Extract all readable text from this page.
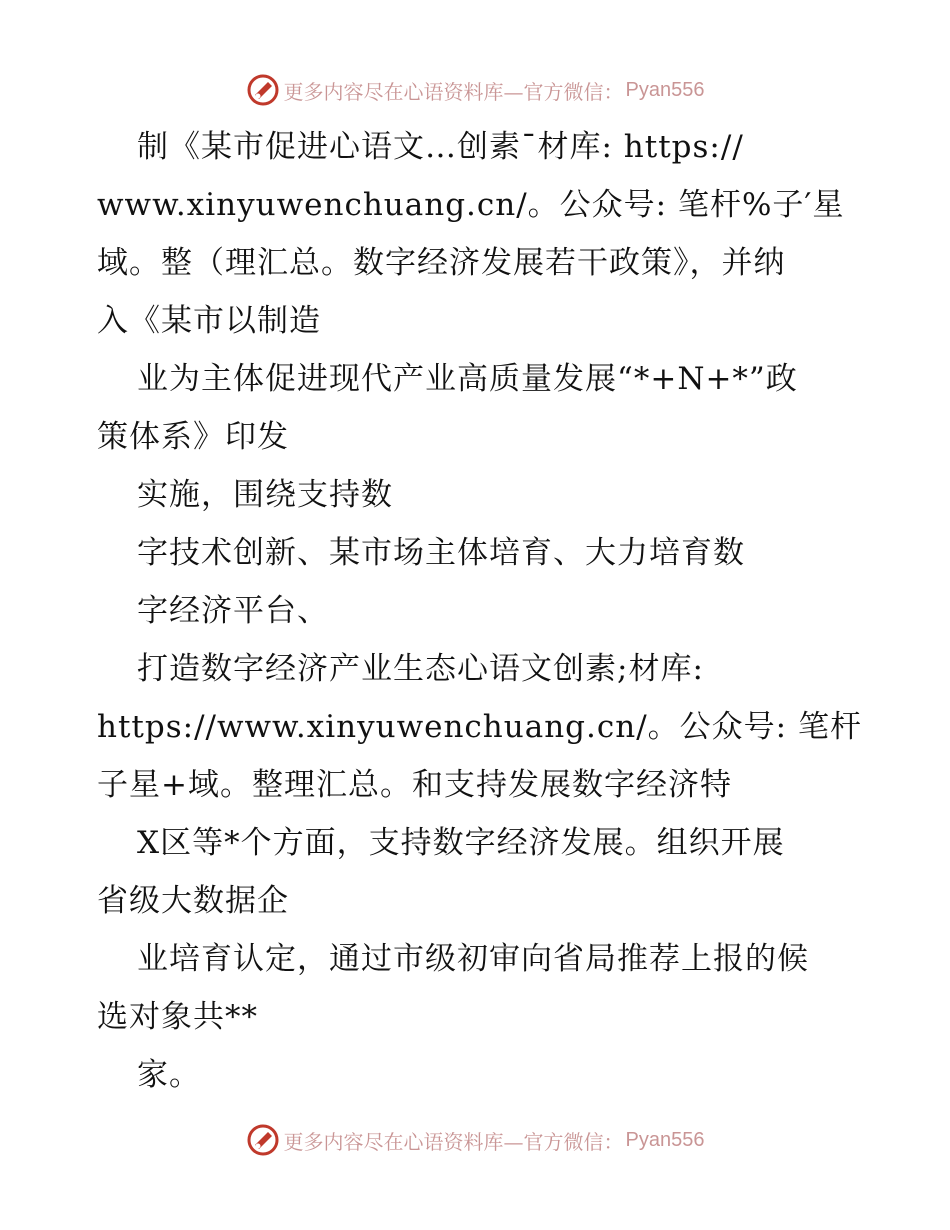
更多内容尽在心语资料库—官方微信： Pyan556
制《某市促进心语文…创素¯材库: https://
www.xinyuwenchuang.cn/。公众号: 笔杆%子′星
域。整（理汇总。数字经济发展若干政策》，并纳
入《某市以制造
业为主体促进现代产业高质量发展“*+N+*”政
策体系》印发
实施，围绕支持数
字技术创新、某市场主体培育、大力培育数
字经济平台、
打造数字经济产业生态心语文创素;材库:
https://www.xinyuwenchuang.cn/。公众号: 笔杆
子星+域。整理汇总。和支持发展数字经济特
X区等*个方面，支持数字经济发展。组织开展
省级大数据企
业培育认定，通过市级初审向省局推荐上报的候
选对象共**
家。
更多内容尽在心语资料库—官方微信： Pyan556
